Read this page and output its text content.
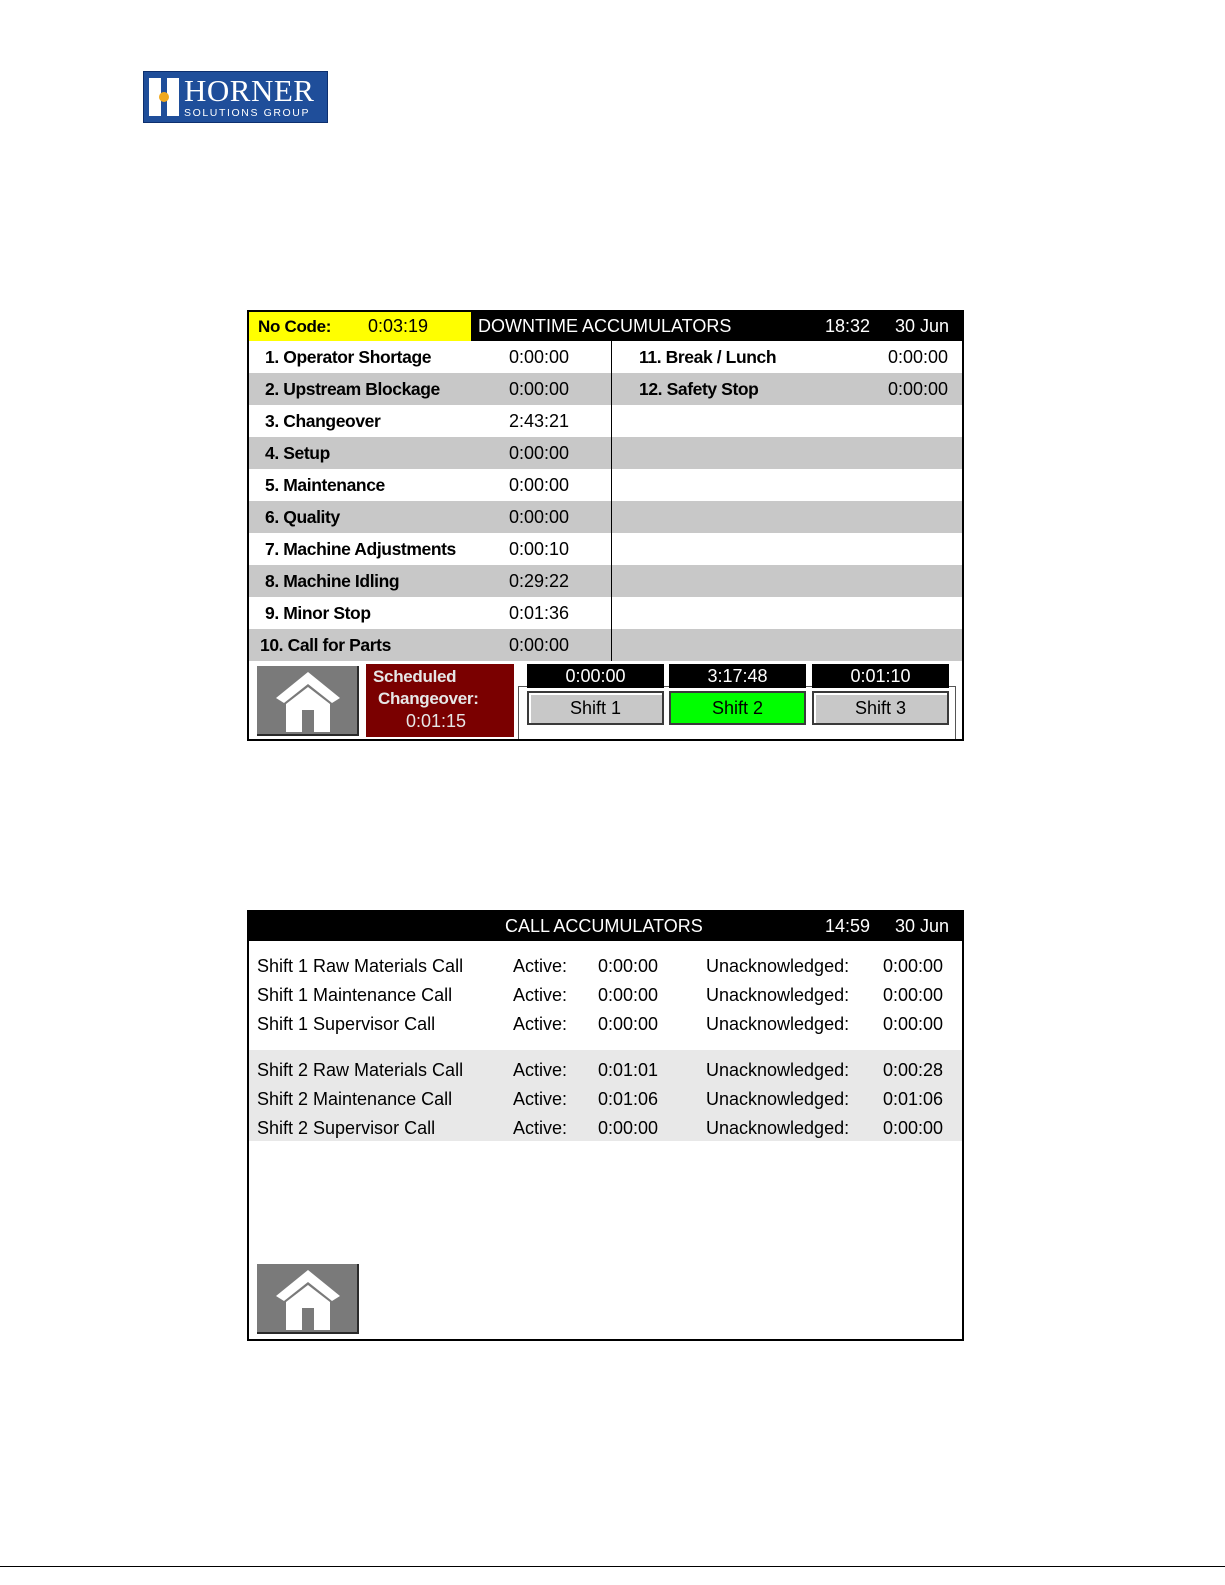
HORNER
SOLUTIONS GROUP
No Code: 0:03:19	DOWNTIME ACCUMULATORS	18:32 30 Jun
1. Operator Shortage	0:00:00	11. Break / Lunch	0:00:00
2. Upstream Blockage	0:00:00	12. Safety Stop	0:00:00
3. Changeover	2:43:21
4. Setup	0:00:00
5. Maintenance	0:00:00
6. Quality	0:00:00
7. Machine Adjustments	0:00:10
8. Machine Idling	0:29:22
9. Minor Stop	0:01:36
10. Call for Parts	0:00:00
Scheduled
Changeover:
0:01:15
0:00:00
Shift 1
3:17:48
Shift 2
0:01:10
Shift 3
CALL ACCUMULATORS	14:59 30 Jun
Shift 1 Raw Materials Call	Active: 0:00:00	Unacknowledged: 0:00:00
Shift 1 Maintenance Call	Active: 0:00:00	Unacknowledged: 0:00:00
Shift 1 Supervisor Call	Active: 0:00:00	Unacknowledged: 0:00:00
Shift 2 Raw Materials Call	Active: 0:01:01	Unacknowledged: 0:00:28
Shift 2 Maintenance Call	Active: 0:01:06	Unacknowledged: 0:01:06
Shift 2 Supervisor Call	Active: 0:00:00	Unacknowledged: 0:00:00
